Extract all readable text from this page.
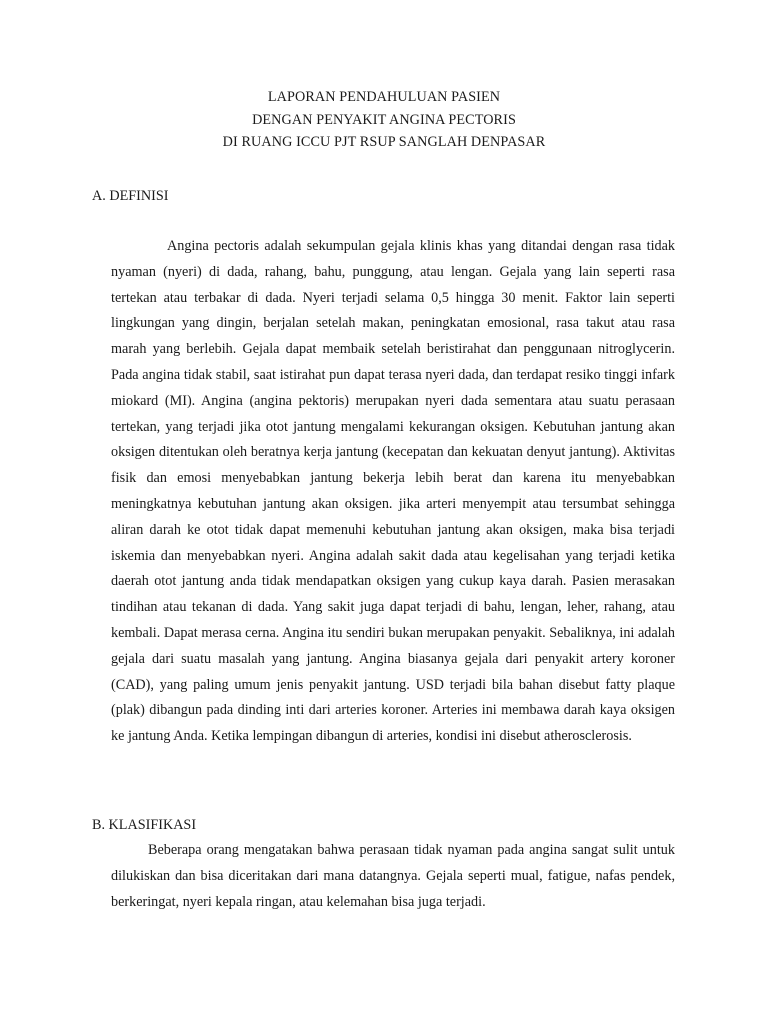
LAPORAN PENDAHULUAN PASIEN
DENGAN PENYAKIT ANGINA PECTORIS
DI RUANG ICCU PJT RSUP SANGLAH DENPASAR
A. DEFINISI

Angina pectoris adalah sekumpulan gejala klinis khas yang ditandai dengan rasa tidak nyaman (nyeri) di dada, rahang, bahu, punggung, atau lengan. Gejala yang lain seperti rasa tertekan atau terbakar di dada. Nyeri terjadi selama 0,5 hingga 30 menit. Faktor lain seperti lingkungan yang dingin, berjalan setelah makan, peningkatan emosional, rasa takut atau rasa marah yang berlebih. Gejala dapat membaik setelah beristirahat dan penggunaan nitroglycerin. Pada angina tidak stabil, saat istirahat pun dapat terasa nyeri dada, dan terdapat resiko tinggi infark miokard (MI). Angina (angina pektoris) merupakan nyeri dada sementara atau suatu perasaan tertekan, yang terjadi jika otot jantung mengalami kekurangan oksigen. Kebutuhan jantung akan oksigen ditentukan oleh beratnya kerja jantung (kecepatan dan kekuatan denyut jantung). Aktivitas fisik dan emosi menyebabkan jantung bekerja lebih berat dan karena itu menyebabkan meningkatnya kebutuhan jantung akan oksigen. jika arteri menyempit atau tersumbat sehingga aliran darah ke otot tidak dapat memenuhi kebutuhan jantung akan oksigen, maka bisa terjadi iskemia dan menyebabkan nyeri. Angina adalah sakit dada atau kegelisahan yang terjadi ketika daerah otot jantung anda tidak mendapatkan oksigen yang cukup kaya darah. Pasien merasakan tindihan atau tekanan di dada. Yang sakit juga dapat terjadi di bahu, lengan, leher, rahang, atau kembali. Dapat merasa cerna. Angina itu sendiri bukan merupakan penyakit. Sebaliknya, ini adalah gejala dari suatu masalah yang jantung. Angina biasanya gejala dari penyakit artery koroner (CAD), yang paling umum jenis penyakit jantung. USD terjadi bila bahan disebut fatty plaque (plak) dibangun pada dinding inti dari arteries koroner. Arteries ini membawa darah kaya oksigen ke jantung Anda. Ketika lempingan dibangun di arteries, kondisi ini disebut atherosclerosis.

B. KLASIFIKASI

Beberapa orang mengatakan bahwa perasaan tidak nyaman pada angina sangat sulit untuk dilukiskan dan bisa diceritakan dari mana datangnya. Gejala seperti mual, fatigue, nafas pendek, berkeringat, nyeri kepala ringan, atau kelemahan bisa juga terjadi.
